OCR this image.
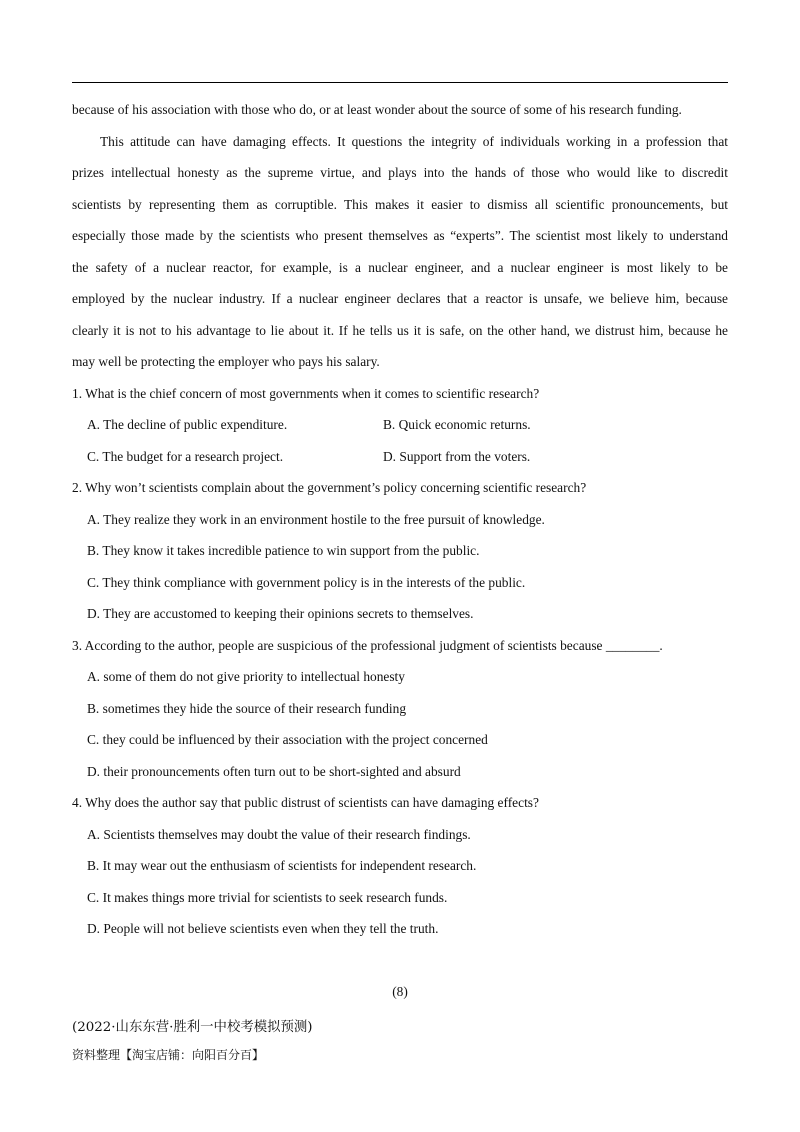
because of his association with those who do, or at least wonder about the source of some of his research funding.
This attitude can have damaging effects. It questions the integrity of individuals working in a profession that
prizes intellectual honesty as the supreme virtue, and plays into the hands of those who would like to discredit
scientists by representing them as corruptible. This makes it easier to dismiss all scientific pronouncements, but
especially those made by the scientists who present themselves as “experts”. The scientist most likely to understand
the safety of a nuclear reactor, for example, is a nuclear engineer, and a nuclear engineer is most likely to be
employed by the nuclear industry. If a nuclear engineer declares that a reactor is unsafe, we believe him, because
clearly it is not to his advantage to lie about it. If he tells us it is safe, on the other hand, we distrust him, because he
may well be protecting the employer who pays his salary.
1. What is the chief concern of most governments when it comes to scientific research?
A. The decline of public expenditure.	B. Quick economic returns.
C. The budget for a research project.	D. Support from the voters.
2. Why won’t scientists complain about the government’s policy concerning scientific research?
A. They realize they work in an environment hostile to the free pursuit of knowledge.
B. They know it takes incredible patience to win support from the public.
C. They think compliance with government policy is in the interests of the public.
D. They are accustomed to keeping their opinions secrets to themselves.
3. According to the author, people are suspicious of the professional judgment of scientists because ________.
A. some of them do not give priority to intellectual honesty
B. sometimes they hide the source of their research funding
C. they could be influenced by their association with the project concerned
D. their pronouncements often turn out to be short-sighted and absurd
4. Why does the author say that public distrust of scientists can have damaging effects?
A. Scientists themselves may doubt the value of their research findings.
B. It may wear out the enthusiasm of scientists for independent research.
C. It makes things more trivial for scientists to seek research funds.
D. People will not believe scientists even when they tell the truth.
(8)
(2022·山东东营·胜利一中校考模拟预测)
资料整理【淘宝店铺：向阳百分百】
